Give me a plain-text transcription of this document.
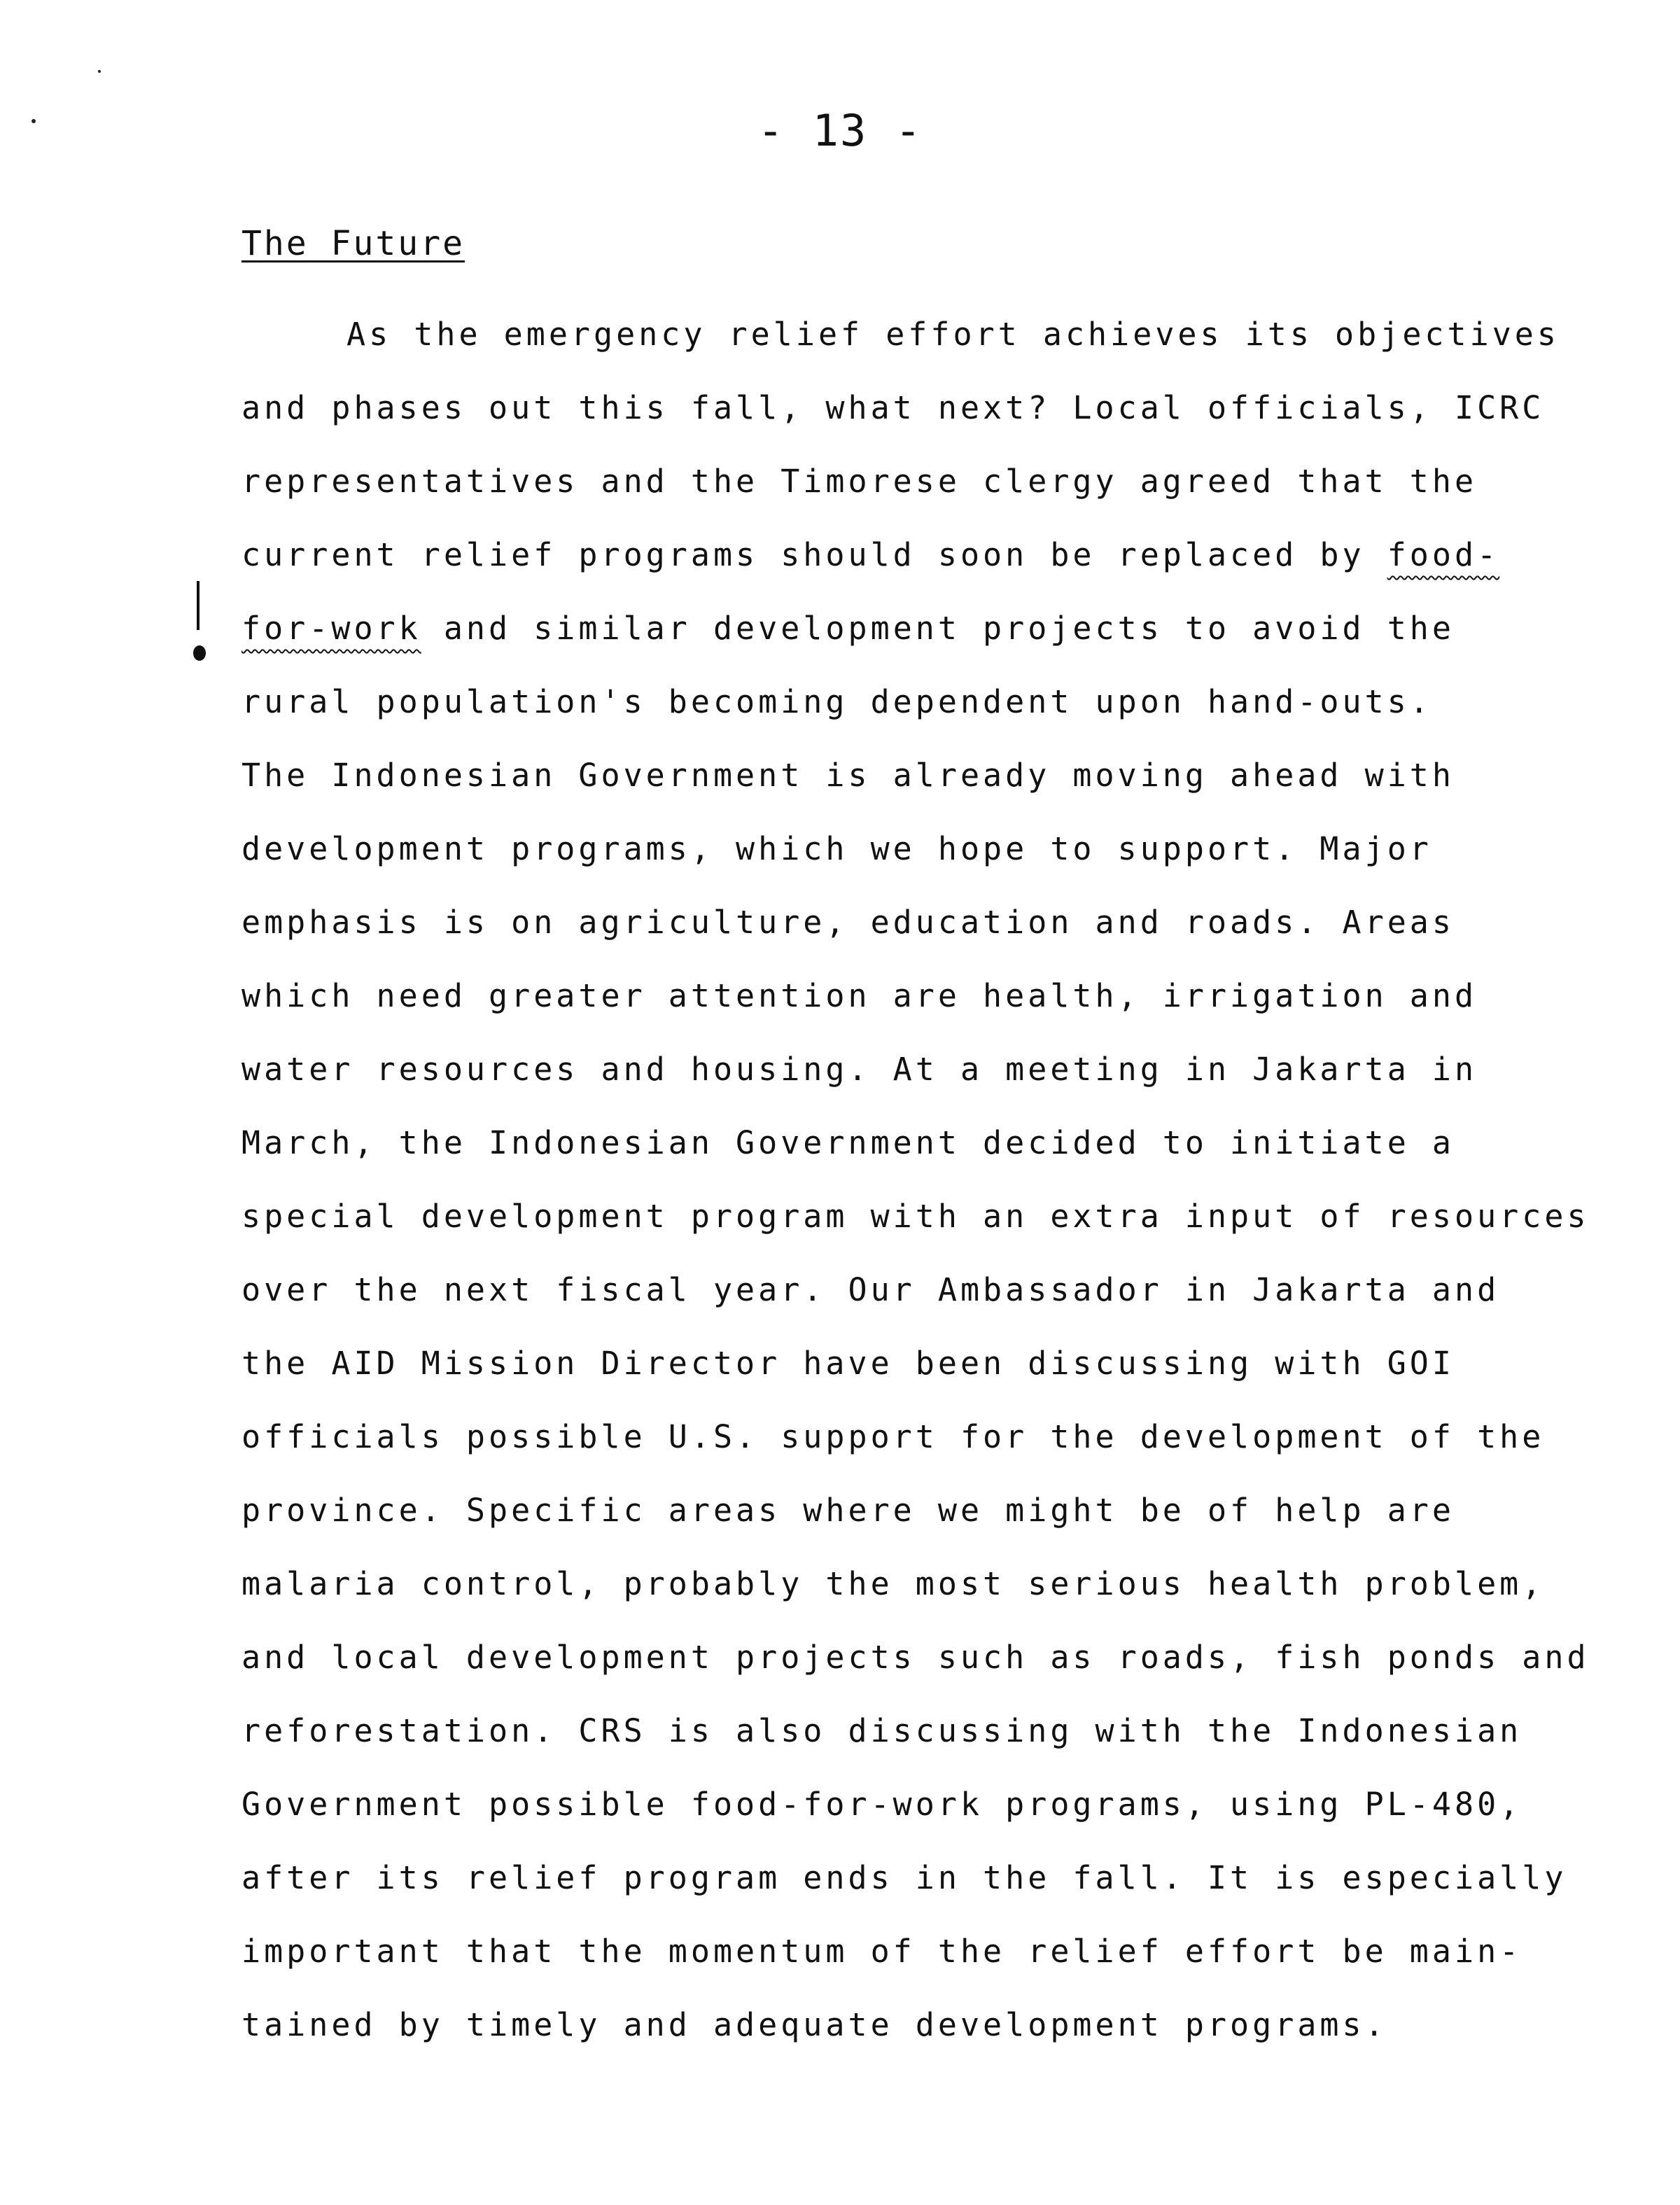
- 13 -
The Future
As the emergency relief effort achieves its objectives
and phases out this fall, what next? Local officials, ICRC
representatives and the Timorese clergy agreed that the
current relief programs should soon be replaced by food-
for-work and similar development projects to avoid the
rural population's becoming dependent upon hand-outs.
The Indonesian Government is already moving ahead with
development programs, which we hope to support. Major
emphasis is on agriculture, education and roads. Areas
which need greater attention are health, irrigation and
water resources and housing. At a meeting in Jakarta in
March, the Indonesian Government decided to initiate a
special development program with an extra input of resources
over the next fiscal year. Our Ambassador in Jakarta and
the AID Mission Director have been discussing with GOI
officials possible U.S. support for the development of the
province. Specific areas where we might be of help are
malaria control, probably the most serious health problem,
and local development projects such as roads, fish ponds and
reforestation. CRS is also discussing with the Indonesian
Government possible food-for-work programs, using PL-480,
after its relief program ends in the fall. It is especially
important that the momentum of the relief effort be main-
tained by timely and adequate development programs.
